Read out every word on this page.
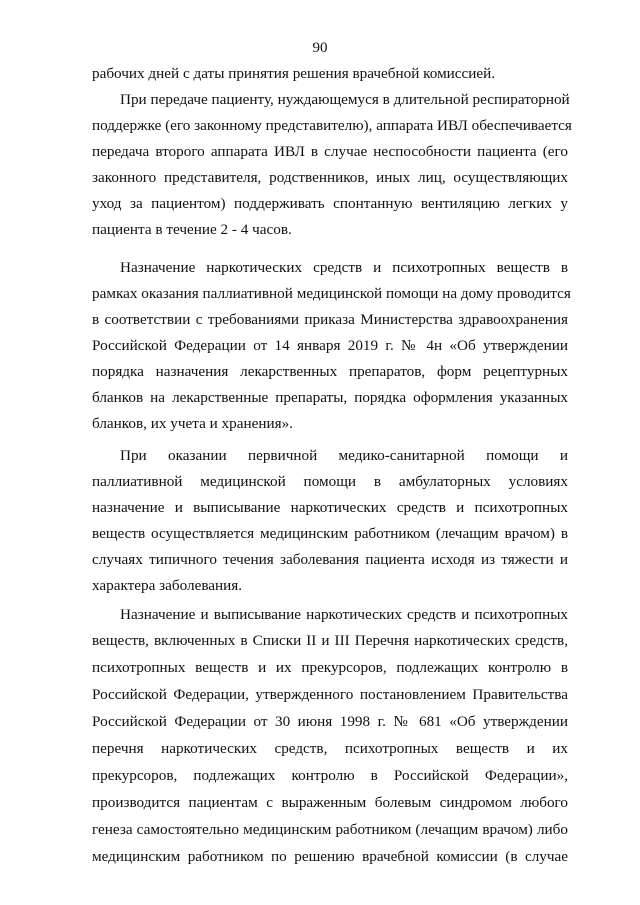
90
рабочих дней с даты принятия решения врачебной комиссией.
При передаче пациенту, нуждающемуся в длительной респираторной
поддержке (его законному представителю), аппарата ИВЛ обеспечивается
передача второго аппарата ИВЛ в случае неспособности пациента (его
законного представителя, родственников, иных лиц, осуществляющих
уход за пациентом) поддерживать спонтанную вентиляцию легких у
пациента в течение 2 - 4 часов.
Назначение наркотических средств и психотропных веществ в
рамках оказания паллиативной медицинской помощи на дому проводится
в соответствии с требованиями приказа Министерства здравоохранения
Российской Федерации от 14 января 2019 г. № 4н «Об утверждении
порядка назначения лекарственных препаратов, форм рецептурных
бланков на лекарственные препараты, порядка оформления указанных
бланков, их учета и хранения».
При оказании первичной медико-санитарной помощи и
паллиативной медицинской помощи в амбулаторных условиях
назначение и выписывание наркотических средств и психотропных
веществ осуществляется медицинским работником (лечащим врачом) в
случаях типичного течения заболевания пациента исходя из тяжести и
характера заболевания.
Назначение и выписывание наркотических средств и психотропных
веществ, включенных в Списки II и III Перечня наркотических средств,
психотропных веществ и их прекурсоров, подлежащих контролю в
Российской Федерации, утвержденного постановлением Правительства
Российской Федерации от 30 июня 1998 г. № 681 «Об утверждении
перечня наркотических средств, психотропных веществ и их
прекурсоров, подлежащих контролю в Российской Федерации»,
производится пациентам с выраженным болевым синдромом любого
генеза самостоятельно медицинским работником (лечащим врачом) либо
медицинским работником по решению врачебной комиссии (в случае
